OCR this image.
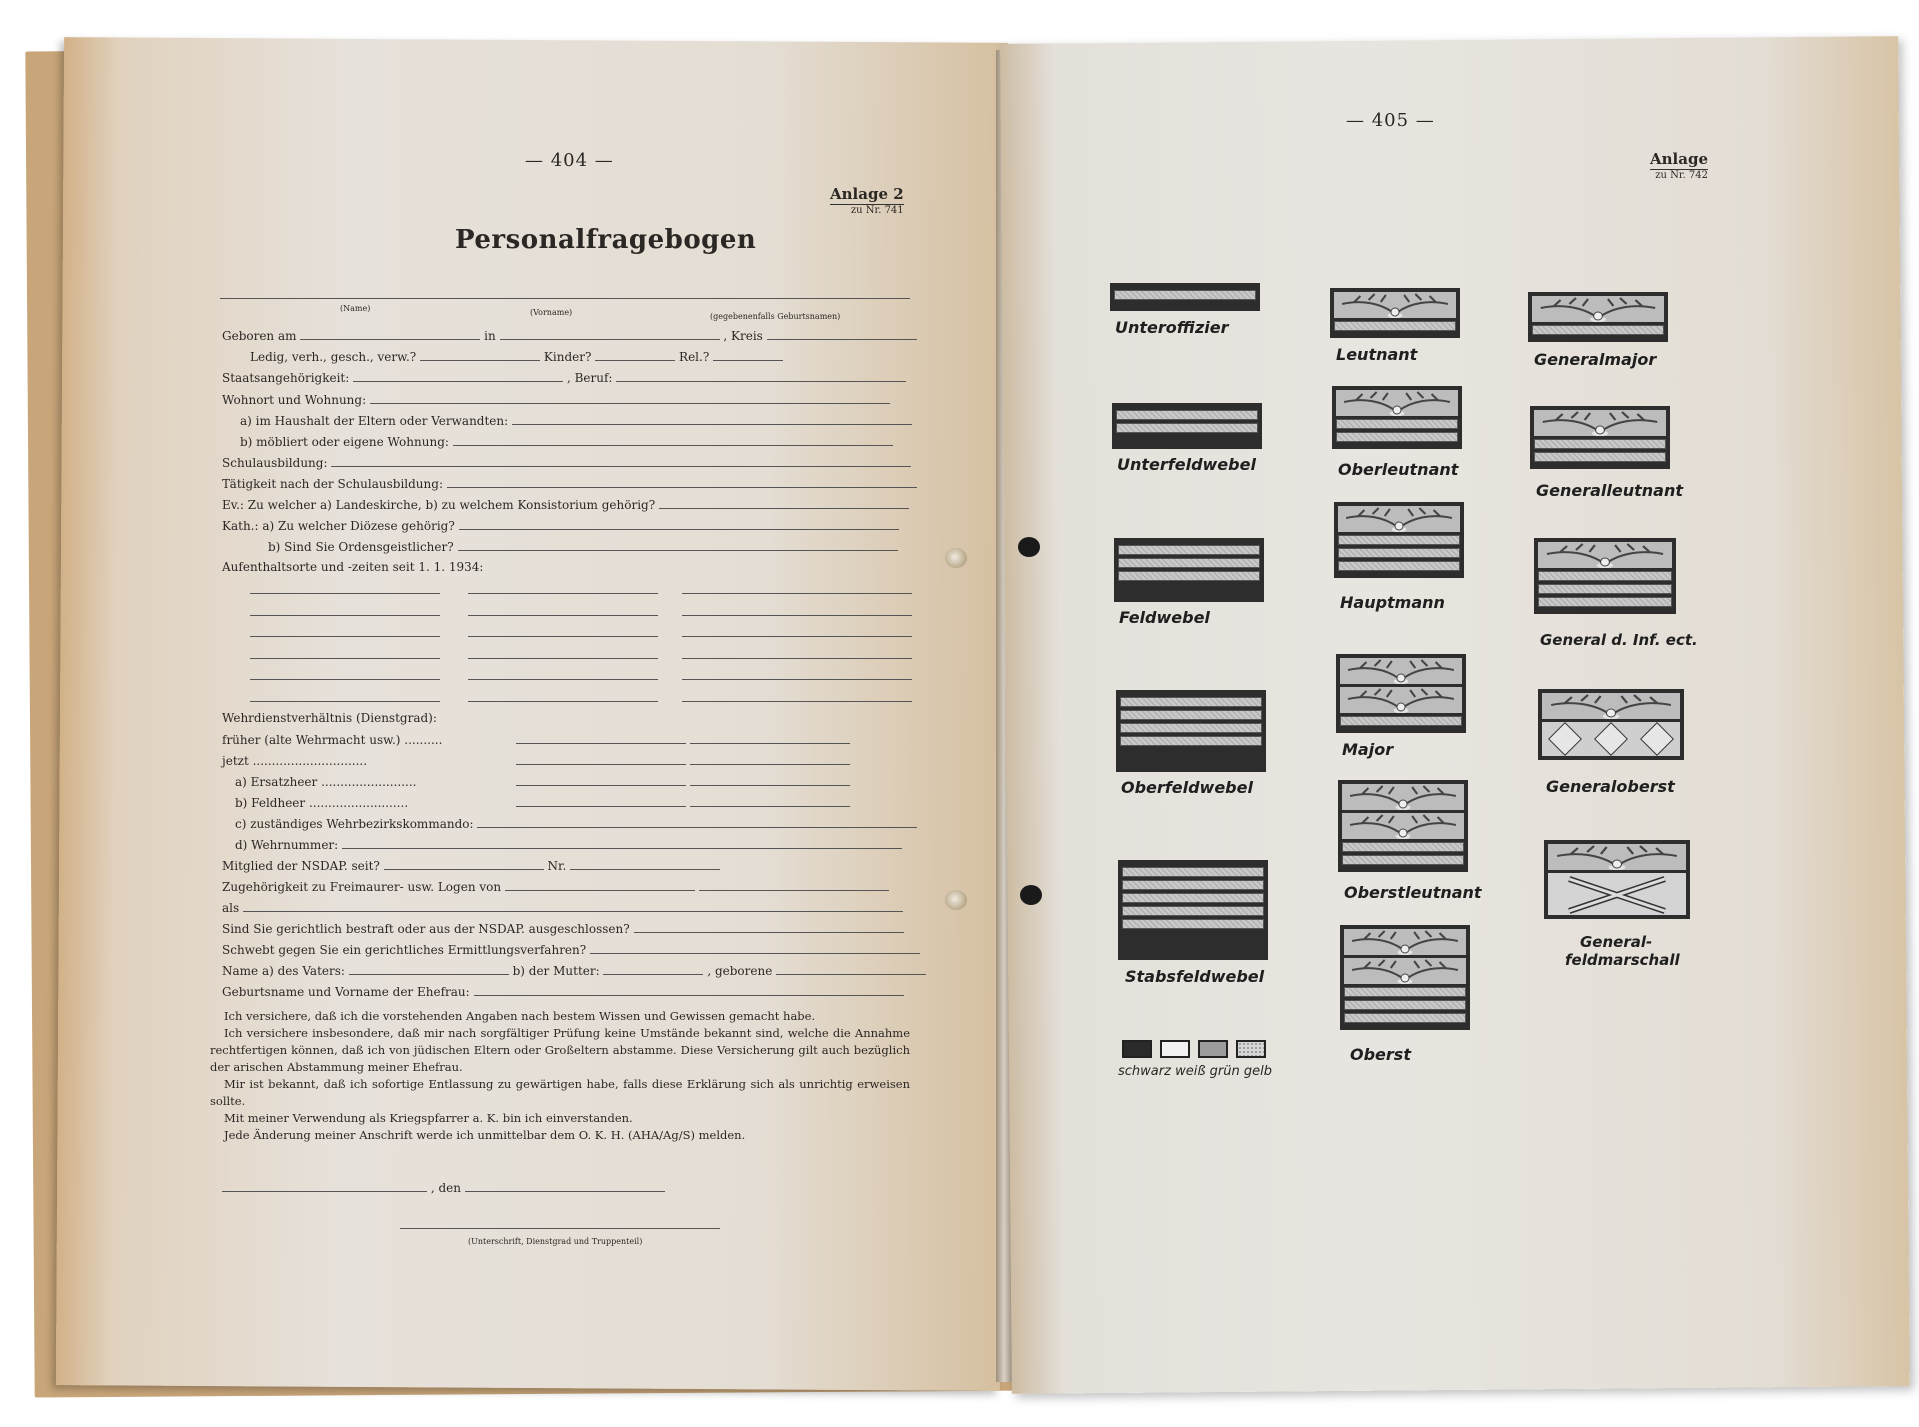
— 404 —
Anlage 2
zu Nr. 741
Personalfragebogen
(Name)	(Vorname)	(gegebenenfalls Geburtsnamen)
Geboren am	in	, Kreis
Ledig, verh., gesch., verw.?	Kinder?	Rel.?
Staatsangehörigkeit:	, Beruf:
Wohnort und Wohnung:
a) im Haushalt der Eltern oder Verwandten:
b) möbliert oder eigene Wohnung:
Schulausbildung:
Tätigkeit nach der Schulausbildung:
Ev.: Zu welcher a) Landeskirche, b) zu welchem Konsistorium gehörig?
Kath.: a) Zu welcher Diözese gehörig?
b) Sind Sie Ordensgeistlicher?
Aufenthaltsorte und -zeiten seit 1. 1. 1934:

Wehrdienstverhältnis (Dienstgrad):
früher (alte Wehrmacht usw.) ..........
jetzt ..............................
a) Ersatzheer .........................
b) Feldheer ..........................
c) zuständiges Wehrbezirkskommando:
d) Wehrnummer:
Mitglied der NSDAP. seit?	Nr.
Zugehörigkeit zu Freimaurer- usw. Logen von
als
Sind Sie gerichtlich bestraft oder aus der NSDAP. ausgeschlossen?
Schwebt gegen Sie ein gerichtliches Ermittlungsverfahren?
Name a) des Vaters:	b) der Mutter:	, geborene
Geburtsname und Vorname der Ehefrau:

Ich versichere, daß ich die vorstehenden Angaben nach bestem Wissen und Gewissen gemacht habe.

Ich versichere insbesondere, daß mir nach sorgfältiger Prüfung keine Umstände bekannt sind, welche die Annahme rechtfertigen können, daß ich von jüdischen Eltern oder Großeltern abstamme. Diese Versicherung gilt auch bezüglich der arischen Abstammung meiner Ehefrau.

Mir ist bekannt, daß ich sofortige Entlassung zu gewärtigen habe, falls diese Erklärung sich als unrichtig erweisen sollte.

Mit meiner Verwendung als Kriegspfarrer a. K. bin ich einverstanden.

Jede Änderung meiner Anschrift werde ich unmittelbar dem O. K. H. (AHA/Ag/S) melden.

, den
(Unterschrift, Dienstgrad und Truppenteil)
— 405 —
Anlage
zu Nr. 742
Unteroffizier
Unterfeldwebel
Feldwebel
Oberfeldwebel
Stabsfeldwebel
Leutnant
Oberleutnant
Hauptmann
Major
Oberstleutnant
Oberst
Generalmajor
Generalleutnant
General d. Inf. ect.
Generaloberst
General-
feldmarschall
schwarz weiß grün gelb
